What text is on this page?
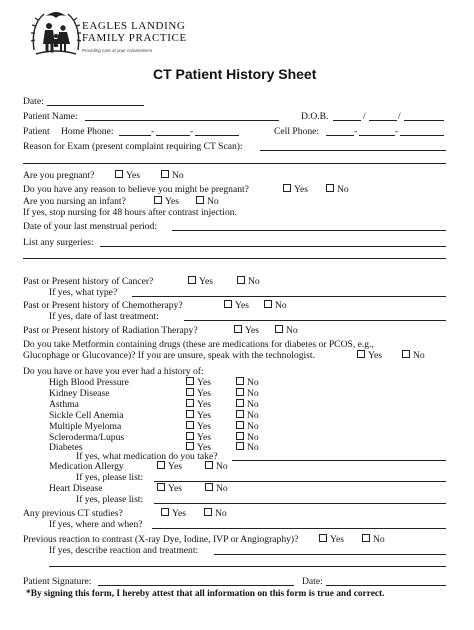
EAGLES LANDING
FAMILY PRACTICE
Providing care at your convenience
CT Patient History Sheet
Date:
Patient Name:	D.O.B.	/	/
Patient Home Phone:	-	-	Cell Phone:	-	-
Reason for Exam (present complaint requiring CT Scan):
Are you pregnant?	Yes	No
Do you have any reason to believe you might be pregnant?	Yes	No
Are you nursing an infant?	Yes	No
If yes, stop nursing for 48 hours after contrast injection.
Date of your last menstrual period:
List any surgeries:
Past or Present history of Cancer?	Yes	No
If yes, what type?
Past or Present history of Chemotherapy?	Yes	No
If yes, date of last treatment:
Past or Present history of Radiation Therapy?	Yes	No
Do you take Metformin containing drugs (these are medications for diabetes or PCOS, e.g.,
Glucophage or Glucovance)? If you are unsure, speak with the technologist.	Yes	No
Do you have or have you ever had a history of:
High Blood Pressure	Yes	No
Kidney Disease	Yes	No
Asthma	Yes	No
Sickle Cell Anemia	Yes	No
Multiple Myeloma	Yes	No
Scleroderma/Lupus	Yes	No
Diabetes	Yes	No
If yes, what medication do you take?
Medication Allergy	Yes	No
If yes, please list:
Heart Disease	Yes	No
If yes, please list:
Any previous CT studies?	Yes	No
If yes, where and when?
Previous reaction to contrast (X-ray Dye, Iodine, IVP or Angiography)?	Yes	No
If yes, describe reaction and treatment:
Patient Signature:	Date:
*By signing this form, I hereby attest that all information on this form is true and correct.
